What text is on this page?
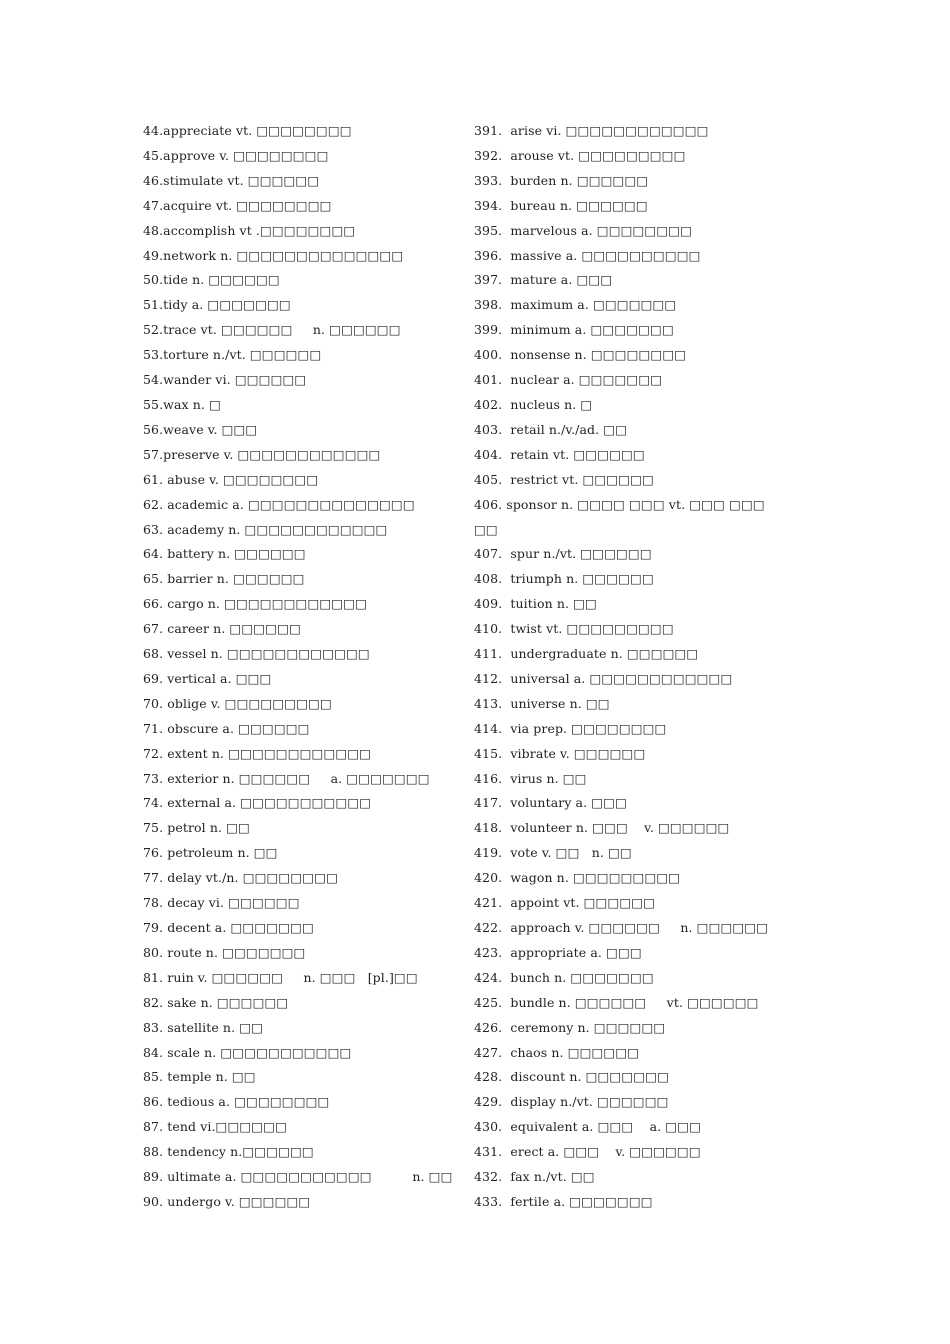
44.appreciate vt. □□□□□□□□
45.approve v. □□□□□□□□
46.stimulate vt. □□□□□□
47.acquire vt. □□□□□□□□
48.accomplish vt .□□□□□□□□
49.network n. □□□□□□□□□□□□□□
50.tide n. □□□□□□
51.tidy a. □□□□□□□
52.trace vt. □□□□□□     n. □□□□□□
53.torture n./vt. □□□□□□
54.wander vi. □□□□□□
55.wax n. □
56.weave v. □□□
57.preserve v. □□□□□□□□□□□□
61. abuse v. □□□□□□□□
62. academic a. □□□□□□□□□□□□□□
63. academy n. □□□□□□□□□□□□
64. battery n. □□□□□□
65. barrier n. □□□□□□
66. cargo n. □□□□□□□□□□□□
67. career n. □□□□□□
68. vessel n. □□□□□□□□□□□□
69. vertical a. □□□
70. oblige v. □□□□□□□□□
71. obscure a. □□□□□□
72. extent n. □□□□□□□□□□□□
73. exterior n. □□□□□□     a. □□□□□□□
74. external a. □□□□□□□□□□□
75. petrol n. □□
76. petroleum n. □□
77. delay vt./n. □□□□□□□□
78. decay vi. □□□□□□
79. decent a. □□□□□□□
80. route n. □□□□□□□
81. ruin v. □□□□□□     n. □□□   [pl.]□□
82. sake n. □□□□□□
83. satellite n. □□
84. scale n. □□□□□□□□□□□
85. temple n. □□
86. tedious a. □□□□□□□□
87. tend vi.□□□□□□
88. tendency n.□□□□□□
89. ultimate a. □□□□□□□□□□□          n. □□
90. undergo v. □□□□□□
391.  arise vi. □□□□□□□□□□□□
392.  arouse vt. □□□□□□□□□
393.  burden n. □□□□□□
394.  bureau n. □□□□□□
395.  marvelous a. □□□□□□□□
396.  massive a. □□□□□□□□□□
397.  mature a. □□□
398.  maximum a. □□□□□□□
399.  minimum a. □□□□□□□
400.  nonsense n. □□□□□□□□
401.  nuclear a. □□□□□□□
402.  nucleus n. □
403.  retail n./v./ad. □□
404.  retain vt. □□□□□□
405.  restrict vt. □□□□□□
406. sponsor n. □□□□ □□□ vt. □□□ □□□ □□
407.  spur n./vt. □□□□□□
408.  triumph n. □□□□□□
409.  tuition n. □□
410.  twist vt. □□□□□□□□□
411.  undergraduate n. □□□□□□
412.  universal a. □□□□□□□□□□□□
413.  universe n. □□
414.  via prep. □□□□□□□□
415.  vibrate v. □□□□□□
416.  virus n. □□
417.  voluntary a. □□□
418.  volunteer n. □□□    v. □□□□□□
419.  vote v. □□   n. □□
420.  wagon n. □□□□□□□□□
421.  appoint vt. □□□□□□
422.  approach v. □□□□□□     n. □□□□□□
423.  appropriate a. □□□
424.  bunch n. □□□□□□□
425.  bundle n. □□□□□□     vt. □□□□□□
426.  ceremony n. □□□□□□
427.  chaos n. □□□□□□
428.  discount n. □□□□□□□
429.  display n./vt. □□□□□□
430.  equivalent a. □□□    a. □□□
431.  erect a. □□□    v. □□□□□□
432.  fax n./vt. □□
433.  fertile a. □□□□□□□
